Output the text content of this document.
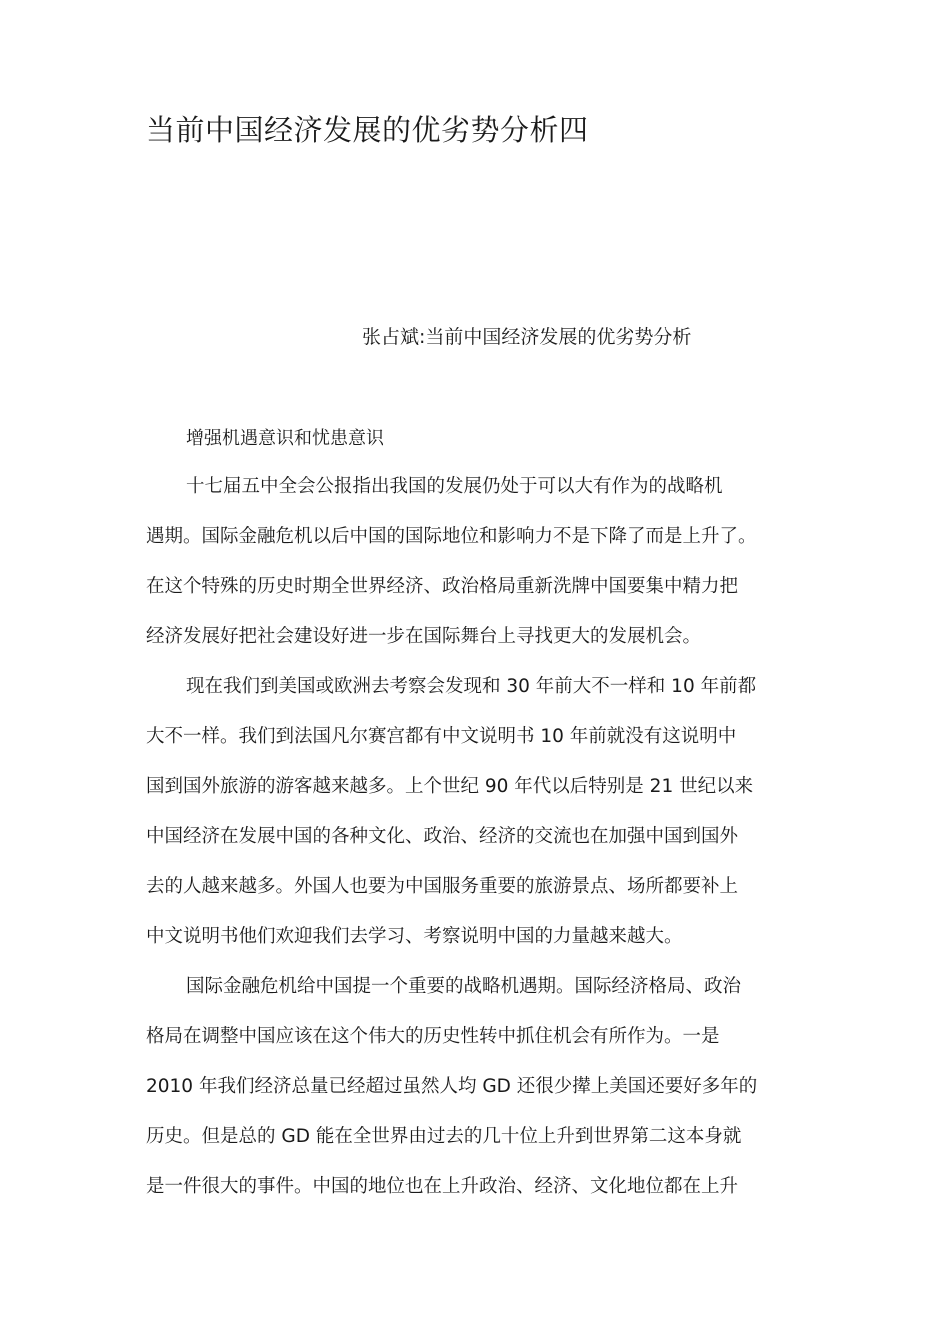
当前中国经济发展的优劣势分析四
张占斌:当前中国经济发展的优劣势分析
增强机遇意识和忧患意识

十七届五中全会公报指出我国的发展仍处于可以大有作为的战略机

遇期。国际金融危机以后中国的国际地位和影响力不是下降了而是上升了。

在这个特殊的历史时期全世界经济、政治格局重新洗牌中国要集中精力把

经济发展好把社会建设好进一步在国际舞台上寻找更大的发展机会。

现在我们到美国或欧洲去考察会发现和 30 年前大不一样和 10 年前都

大不一样。我们到法国凡尔赛宫都有中文说明书 10 年前就没有这说明中

国到国外旅游的游客越来越多。上个世纪 90 年代以后特别是 21 世纪以来

中国经济在发展中国的各种文化、政治、经济的交流也在加强中国到国外

去的人越来越多。外国人也要为中国服务重要的旅游景点、场所都要补上

中文说明书他们欢迎我们去学习、考察说明中国的力量越来越大。

国际金融危机给中国提一个重要的战略机遇期。国际经济格局、政治

格局在调整中国应该在这个伟大的历史性转中抓住机会有所作为。一是

2010 年我们经济总量已经超过虽然人均 GD 还很少撵上美国还要好多年的

历史。但是总的 GD 能在全世界由过去的几十位上升到世界第二这本身就

是一件很大的事件。中国的地位也在上升政治、经济、文化地位都在上升
